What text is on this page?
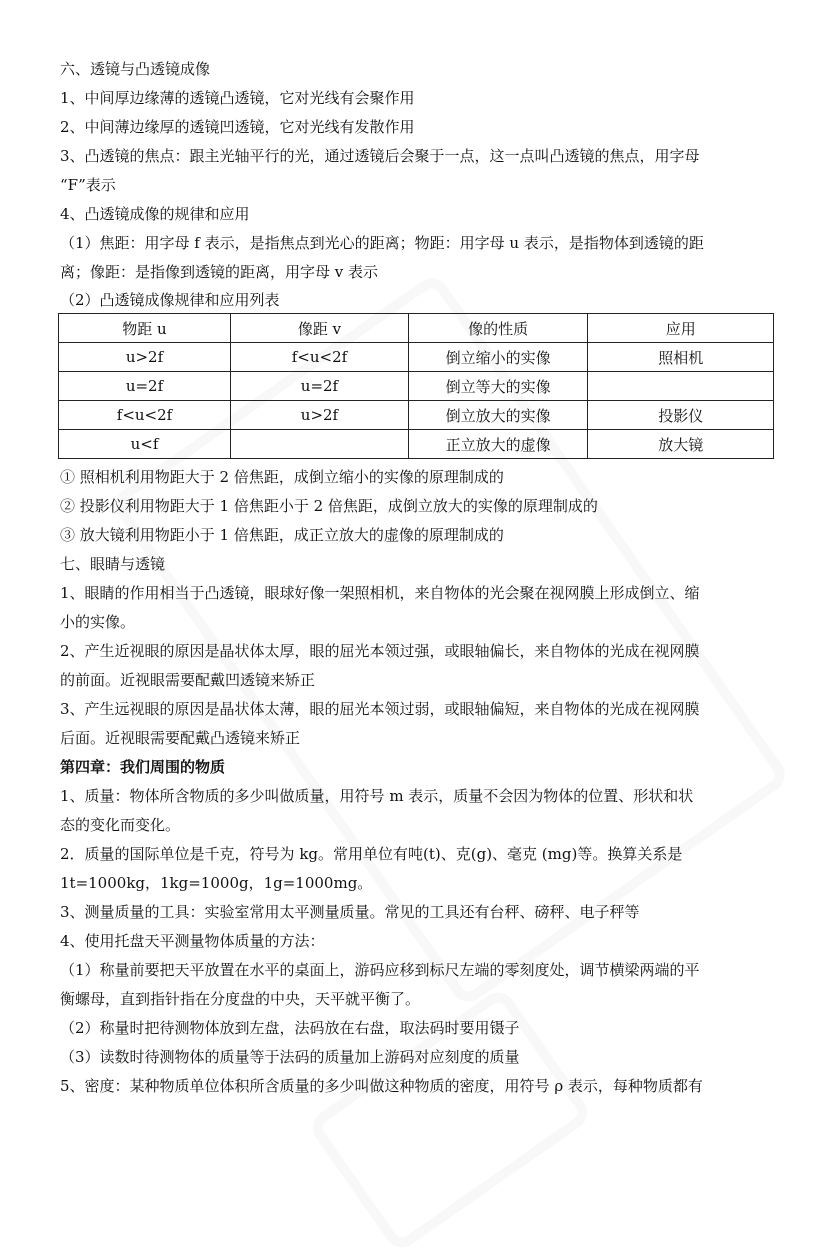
六、透镜与凸透镜成像
1、中间厚边缘薄的透镜凸透镜，它对光线有会聚作用
2、中间薄边缘厚的透镜凹透镜，它对光线有发散作用
3、凸透镜的焦点：跟主光轴平行的光，通过透镜后会聚于一点，这一点叫凸透镜的焦点，用字母
“F”表示
4、凸透镜成像的规律和应用
（1）焦距：用字母 f 表示，是指焦点到光心的距离；物距：用字母 u 表示，是指物体到透镜的距
离；像距：是指像到透镜的距离，用字母 v 表示
（2）凸透镜成像规律和应用列表
物距 u	像距 v	像的性质	应用
u>2f	f<u<2f	倒立缩小的实像	照相机
u=2f	u=2f	倒立等大的实像	
f<u<2f	u>2f	倒立放大的实像	投影仪
u<f		正立放大的虚像	放大镜
① 照相机利用物距大于 2 倍焦距，成倒立缩小的实像的原理制成的
② 投影仪利用物距大于 1 倍焦距小于 2 倍焦距，成倒立放大的实像的原理制成的
③ 放大镜利用物距小于 1 倍焦距，成正立放大的虚像的原理制成的
七、眼睛与透镜
1、眼睛的作用相当于凸透镜，眼球好像一架照相机，来自物体的光会聚在视网膜上形成倒立、缩
小的实像。
2、产生近视眼的原因是晶状体太厚，眼的屈光本领过强，或眼轴偏长，来自物体的光成在视网膜
的前面。近视眼需要配戴凹透镜来矫正
3、产生远视眼的原因是晶状体太薄，眼的屈光本领过弱，或眼轴偏短，来自物体的光成在视网膜
后面。近视眼需要配戴凸透镜来矫正
第四章：我们周围的物质
1、质量：物体所含物质的多少叫做质量，用符号 m 表示，质量不会因为物体的位置、形状和状
态的变化而变化。
2．质量的国际单位是千克，符号为 kg。常用单位有吨(t)、克(g)、毫克 (mg)等。换算关系是
1t=1000kg，1kg=1000g，1g=1000mg。
3、测量质量的工具：实验室常用太平测量质量。常见的工具还有台秤、磅秤、电子秤等
4、使用托盘天平测量物体质量的方法：
（1）称量前要把天平放置在水平的桌面上，游码应移到标尺左端的零刻度处，调节横梁两端的平
衡螺母，直到指针指在分度盘的中央，天平就平衡了。
（2）称量时把待测物体放到左盘，法码放在右盘，取法码时要用镊子
（3）读数时待测物体的质量等于法码的质量加上游码对应刻度的质量
5、密度：某种物质单位体积所含质量的多少叫做这种物质的密度，用符号 ρ 表示，每种物质都有
